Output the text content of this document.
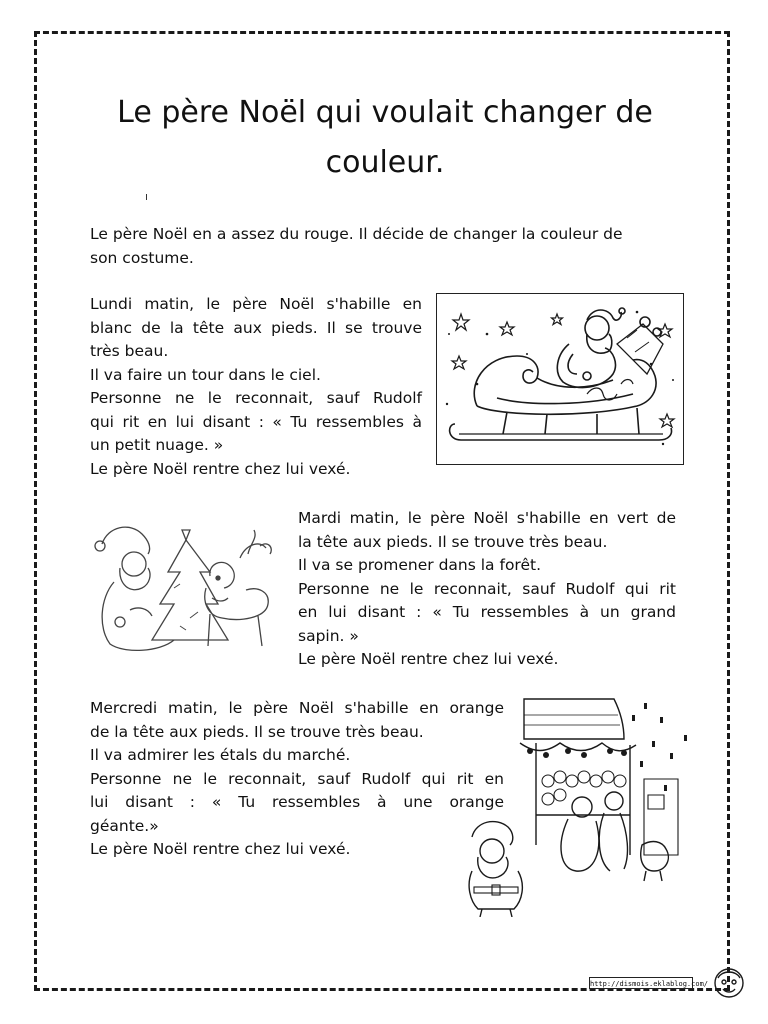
Le père Noël qui voulait changer de
couleur.

Le père Noël en a assez du rouge. Il décide de changer la couleur de
son costume.

Lundi matin, le père Noël s'habille en
blanc de la tête aux pieds. Il se trouve
très beau.
Il va faire un tour dans le ciel.
Personne ne le reconnait, sauf Rudolf
qui rit en lui disant : « Tu ressembles à
un petit nuage. »
Le père Noël rentre chez lui vexé.

Mardi matin, le père Noël s'habille en vert de
la tête aux pieds. Il se trouve très beau.
Il va se promener dans la forêt.
Personne ne le reconnait, sauf Rudolf qui rit
en lui disant : « Tu ressembles à un grand
sapin. »
Le père Noël rentre chez lui vexé.

Mercredi matin, le père Noël s'habille en orange
de la tête aux pieds. Il se trouve très beau.
Il va admirer les étals du marché.
Personne ne le reconnait, sauf Rudolf qui rit en
lui disant : « Tu ressembles à une orange
géante.»
Le père Noël rentre chez lui vexé.

http://dismois.eklablog.com/
